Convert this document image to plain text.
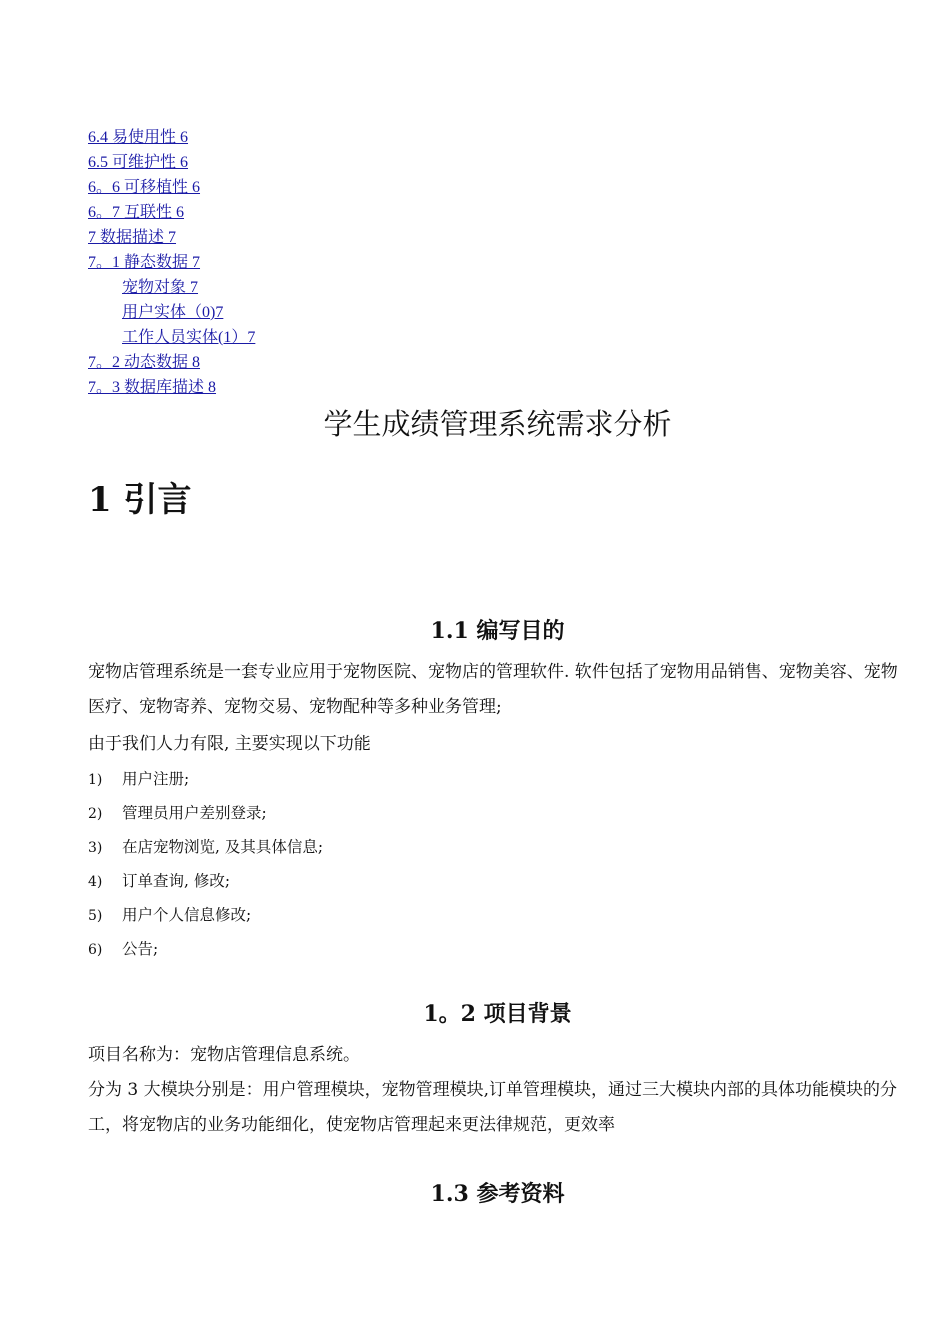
6.4 易使用性 6
6.5 可维护性 6
6。6 可移植性 6
6。7 互联性 6
7 数据描述 7
7。1 静态数据 7
宠物对象 7
用户实体（0)7
工作人员实体(1）7
7。2 动态数据 8
7。3 数据库描述 8
学生成绩管理系统需求分析
1 引言
1.1 编写目的

宠物店管理系统是一套专业应用于宠物医院、宠物店的管理软件. 软件包括了宠物用品销售、宠物美容、宠物医疗、宠物寄养、宠物交易、宠物配种等多种业务管理;

由于我们人力有限, 主要实现以下功能

1) 用户注册;
2) 管理员用户差别登录;
3) 在店宠物浏览, 及其具体信息;
4) 订单查询, 修改;
5) 用户个人信息修改;
6) 公告;
1。2 项目背景

项目名称为：宠物店管理信息系统。

分为 3 大模块分别是：用户管理模块，宠物管理模块,订单管理模块，通过三大模块内部的具体功能模块的分工，将宠物店的业务功能细化，使宠物店管理起来更法律规范，更效率

1.3 参考资料
